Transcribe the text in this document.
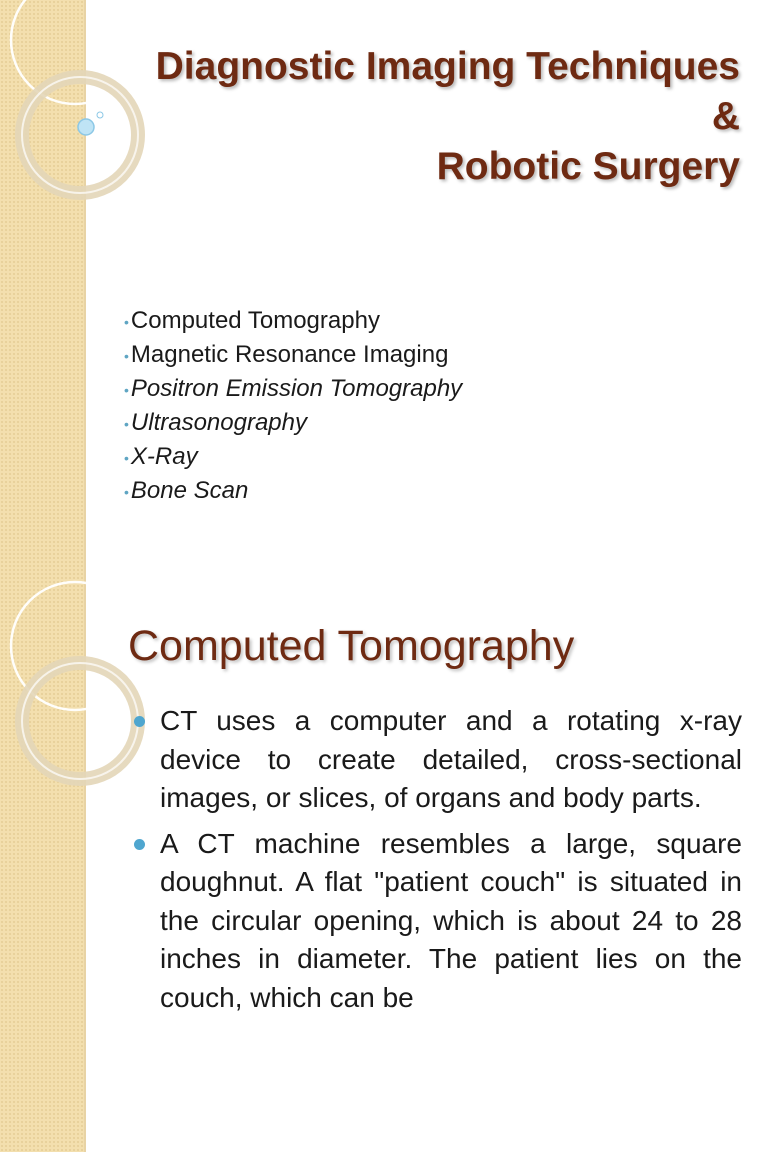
Diagnostic Imaging Techniques
&
Robotic Surgery
•Computed Tomography
•Magnetic Resonance Imaging
•Positron Emission Tomography
•Ultrasonography
•X-Ray
•Bone Scan
Computed Tomography
CT uses a computer and a rotating x-ray device to create detailed, cross-sectional images, or slices, of organs and body parts.
A CT machine resembles a large, square doughnut. A flat "patient couch" is situated in the circular opening, which is about 24 to 28 inches in diameter. The patient lies on the couch, which can be
